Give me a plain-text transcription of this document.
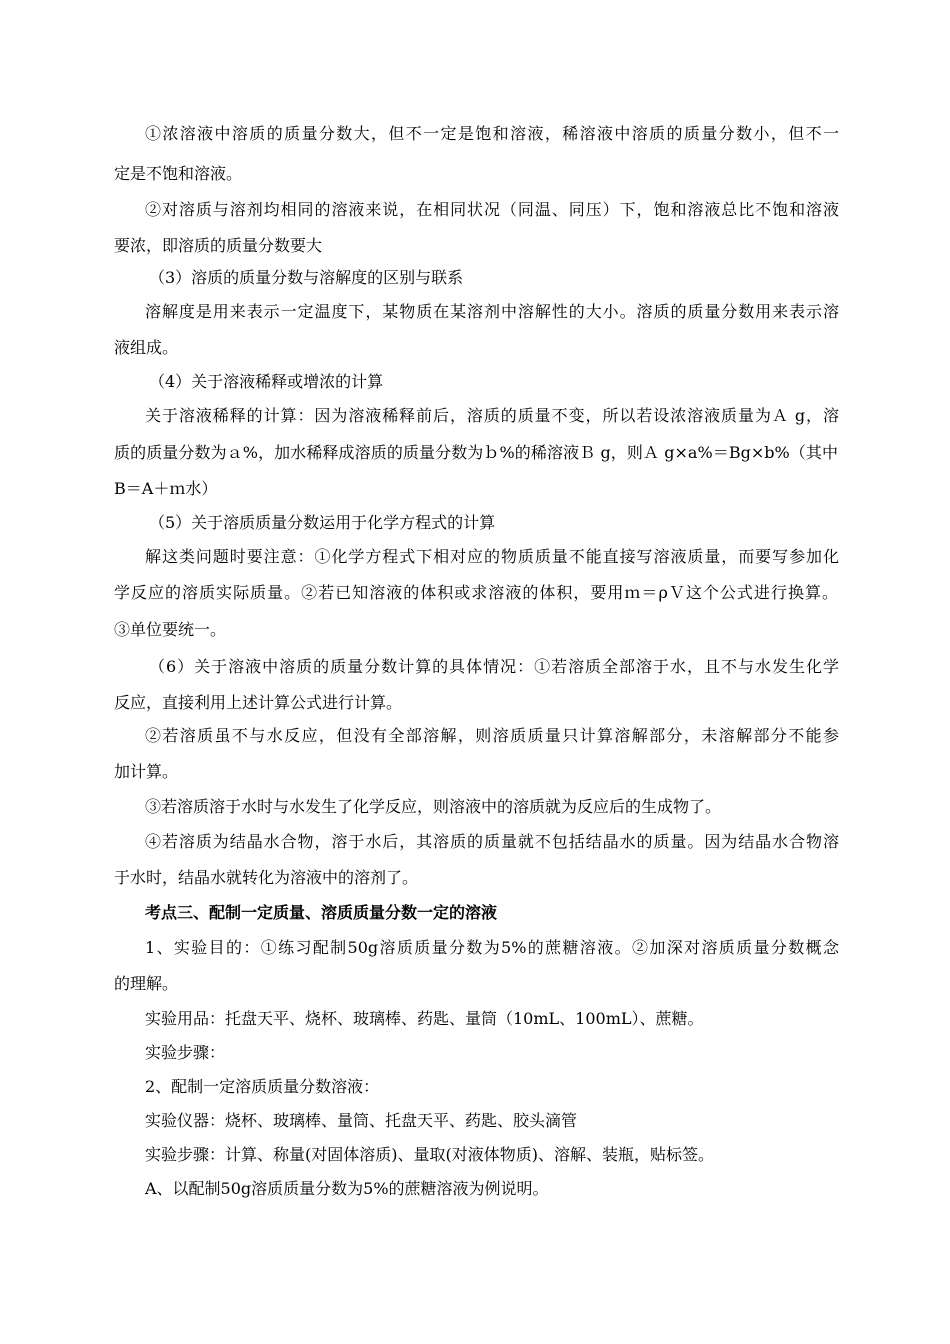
①浓溶液中溶质的质量分数大，但不一定是饱和溶液，稀溶液中溶质的质量分数小，但不一
定是不饱和溶液。
②对溶质与溶剂均相同的溶液来说，在相同状况（同温、同压）下，饱和溶液总比不饱和溶液
要浓，即溶质的质量分数要大
（3）溶质的质量分数与溶解度的区别与联系
溶解度是用来表示一定温度下，某物质在某溶剂中溶解性的大小。溶质的质量分数用来表示溶
液组成。
（4）关于溶液稀释或增浓的计算
关于溶液稀释的计算：因为溶液稀释前后，溶质的质量不变，所以若设浓溶液质量为Ａ g，溶
质的质量分数为ａ%，加水稀释成溶质的质量分数为ｂ%的稀溶液Ｂ g，则Ａ g×a%＝Bg×b%（其中
B＝A＋ｍ水）
（5）关于溶质质量分数运用于化学方程式的计算
解这类问题时要注意：①化学方程式下相对应的物质质量不能直接写溶液质量，而要写参加化
学反应的溶质实际质量。②若已知溶液的体积或求溶液的体积，要用ｍ＝ρＶ这个公式进行换算。
③单位要统一。
（6）关于溶液中溶质的质量分数计算的具体情况：①若溶质全部溶于水，且不与水发生化学
反应，直接利用上述计算公式进行计算。
②若溶质虽不与水反应，但没有全部溶解，则溶质质量只计算溶解部分，未溶解部分不能参
加计算。
③若溶质溶于水时与水发生了化学反应，则溶液中的溶质就为反应后的生成物了。
④若溶质为结晶水合物，溶于水后，其溶质的质量就不包括结晶水的质量。因为结晶水合物溶
于水时，结晶水就转化为溶液中的溶剂了。
考点三、配制一定质量、溶质质量分数一定的溶液
1、实验目的：①练习配制50g溶质质量分数为5%的蔗糖溶液。②加深对溶质质量分数概念
的理解。
实验用品：托盘天平、烧杯、玻璃棒、药匙、量筒（10mL、100mL）、蔗糖。
实验步骤：
2、配制一定溶质质量分数溶液：
实验仪器：烧杯、玻璃棒、量筒、托盘天平、药匙、胶头滴管
实验步骤：计算、称量(对固体溶质)、量取(对液体物质)、溶解、装瓶，贴标签。
A、以配制50g溶质质量分数为5%的蔗糖溶液为例说明。
